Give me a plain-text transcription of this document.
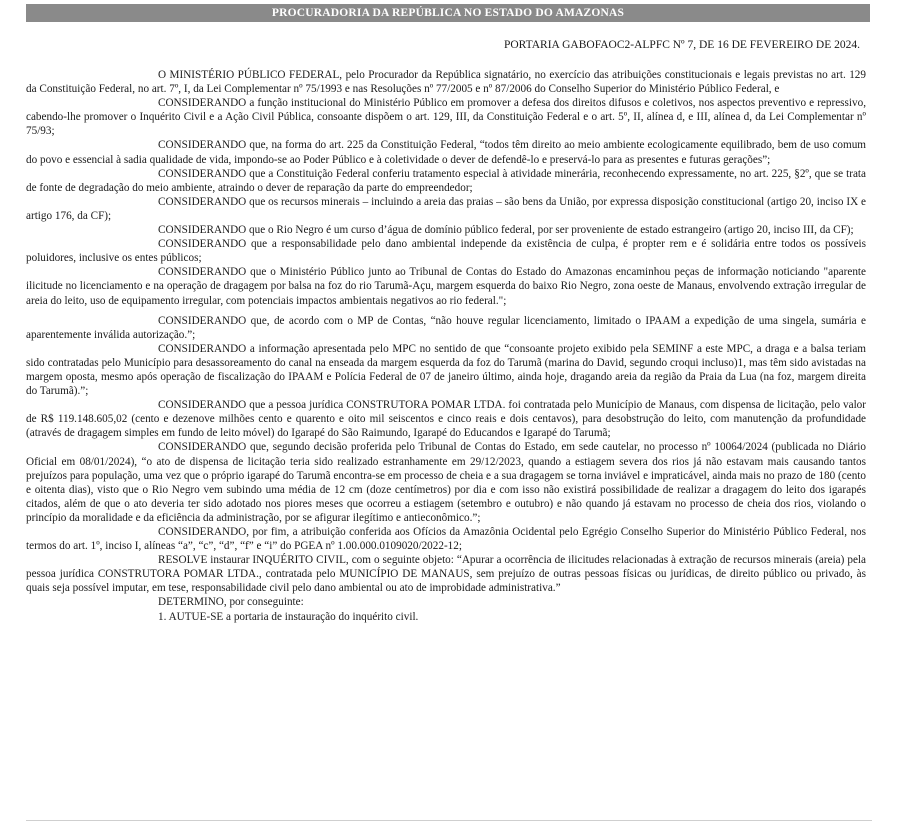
PROCURADORIA DA REPÚBLICA NO ESTADO DO AMAZONAS
PORTARIA GABOFAOC2-ALPFC Nº 7, DE 16 DE FEVEREIRO DE 2024.

O MINISTÉRIO PÚBLICO FEDERAL, pelo Procurador da República signatário, no exercício das atribuições constitucionais e legais previstas no art. 129 da Constituição Federal, no art. 7º, I, da Lei Complementar nº 75/1993 e nas Resoluções nº 77/2005 e nº 87/2006 do Conselho Superior do Ministério Público Federal, e

CONSIDERANDO a função institucional do Ministério Público em promover a defesa dos direitos difusos e coletivos, nos aspectos preventivo e repressivo, cabendo-lhe promover o Inquérito Civil e a Ação Civil Pública, consoante dispõem o art. 129, III, da Constituição Federal e o art. 5º, II, alínea d, e III, alínea d, da Lei Complementar nº 75/93;

CONSIDERANDO que, na forma do art. 225 da Constituição Federal, “todos têm direito ao meio ambiente ecologicamente equilibrado, bem de uso comum do povo e essencial à sadia qualidade de vida, impondo-se ao Poder Público e à coletividade o dever de defendê-lo e preservá-lo para as presentes e futuras gerações”;

CONSIDERANDO que a Constituição Federal conferiu tratamento especial à atividade minerária, reconhecendo expressamente, no art. 225, §2º, que se trata de fonte de degradação do meio ambiente, atraindo o dever de reparação da parte do empreendedor;

CONSIDERANDO que os recursos minerais – incluindo a areia das praias – são bens da União, por expressa disposição constitucional (artigo 20, inciso IX e artigo 176, da CF);

CONSIDERANDO que o Rio Negro é um curso d’água de domínio público federal, por ser proveniente de estado estrangeiro (artigo 20, inciso III, da CF);

CONSIDERANDO que a responsabilidade pelo dano ambiental independe da existência de culpa, é propter rem e é solidária entre todos os possíveis poluidores, inclusive os entes públicos;

CONSIDERANDO que o Ministério Público junto ao Tribunal de Contas do Estado do Amazonas encaminhou peças de informação noticiando "aparente ilicitude no licenciamento e na operação de dragagem por balsa na foz do rio Tarumã-Açu, margem esquerda do baixo Rio Negro, zona oeste de Manaus, envolvendo extração irregular de areia do leito, uso de equipamento irregular, com potenciais impactos ambientais negativos ao rio federal.";

CONSIDERANDO que, de acordo com o MP de Contas, “não houve regular licenciamento, limitado o IPAAM a expedição de uma singela, sumária e aparentemente inválida autorização.”;

CONSIDERANDO a informação apresentada pelo MPC no sentido de que “consoante projeto exibido pela SEMINF a este MPC, a draga e a balsa teriam sido contratadas pelo Município para desassoreamento do canal na enseada da margem esquerda da foz do Tarumã (marina do David, segundo croqui incluso)1, mas têm sido avistadas na margem oposta, mesmo após operação de fiscalização do IPAAM e Polícia Federal de 07 de janeiro último, ainda hoje, dragando areia da região da Praia da Lua (na foz, margem direita do Tarumã).”;

CONSIDERANDO que a pessoa jurídica CONSTRUTORA POMAR LTDA. foi contratada pelo Município de Manaus, com dispensa de licitação, pelo valor de R$ 119.148.605,02 (cento e dezenove milhões cento e quarento e oito mil seiscentos e cinco reais e dois centavos), para desobstrução do leito, com manutenção da profundidade (através de dragagem simples em fundo de leito móvel) do Igarapé do São Raimundo, Igarapé do Educandos e Igarapé do Tarumã;

CONSIDERANDO que, segundo decisão proferida pelo Tribunal de Contas do Estado, em sede cautelar, no processo nº 10064/2024 (publicada no Diário Oficial em 08/01/2024), “o ato de dispensa de licitação teria sido realizado estranhamente em 29/12/2023, quando a estiagem severa dos rios já não estavam mais causando tantos prejuízos para população, uma vez que o próprio igarapé do Tarumã encontra-se em processo de cheia e a sua dragagem se torna inviável e impraticável, ainda mais no prazo de 180 (cento e oitenta dias), visto que o Rio Negro vem subindo uma média de 12 cm (doze centímetros) por dia e com isso não existirá possibilidade de realizar a dragagem do leito dos igarapés citados, além de que o ato deveria ter sido adotado nos piores meses que ocorreu a estiagem (setembro e outubro) e não quando já estavam no processo de cheia dos rios, violando o princípio da moralidade e da eficiência da administração, por se afigurar ilegítimo e antieconômico.”;

CONSIDERANDO, por fim, a atribuição conferida aos Ofícios da Amazônia Ocidental pelo Egrégio Conselho Superior do Ministério Público Federal, nos termos do art. 1º, inciso I, alíneas “a”, “c”, “d”, “f” e “i” do PGEA nº 1.00.000.0109020/2022-12;

RESOLVE instaurar INQUÉRITO CIVIL, com o seguinte objeto: “Apurar a ocorrência de ilicitudes relacionadas à extração de recursos minerais (areia) pela pessoa jurídica CONSTRUTORA POMAR LTDA., contratada pelo MUNICÍPIO DE MANAUS, sem prejuízo de outras pessoas físicas ou jurídicas, de direito público ou privado, às quais seja possível imputar, em tese, responsabilidade civil pelo dano ambiental ou ato de improbidade administrativa.”

DETERMINO, por conseguinte:

1. AUTUE-SE a portaria de instauração do inquérito civil.
